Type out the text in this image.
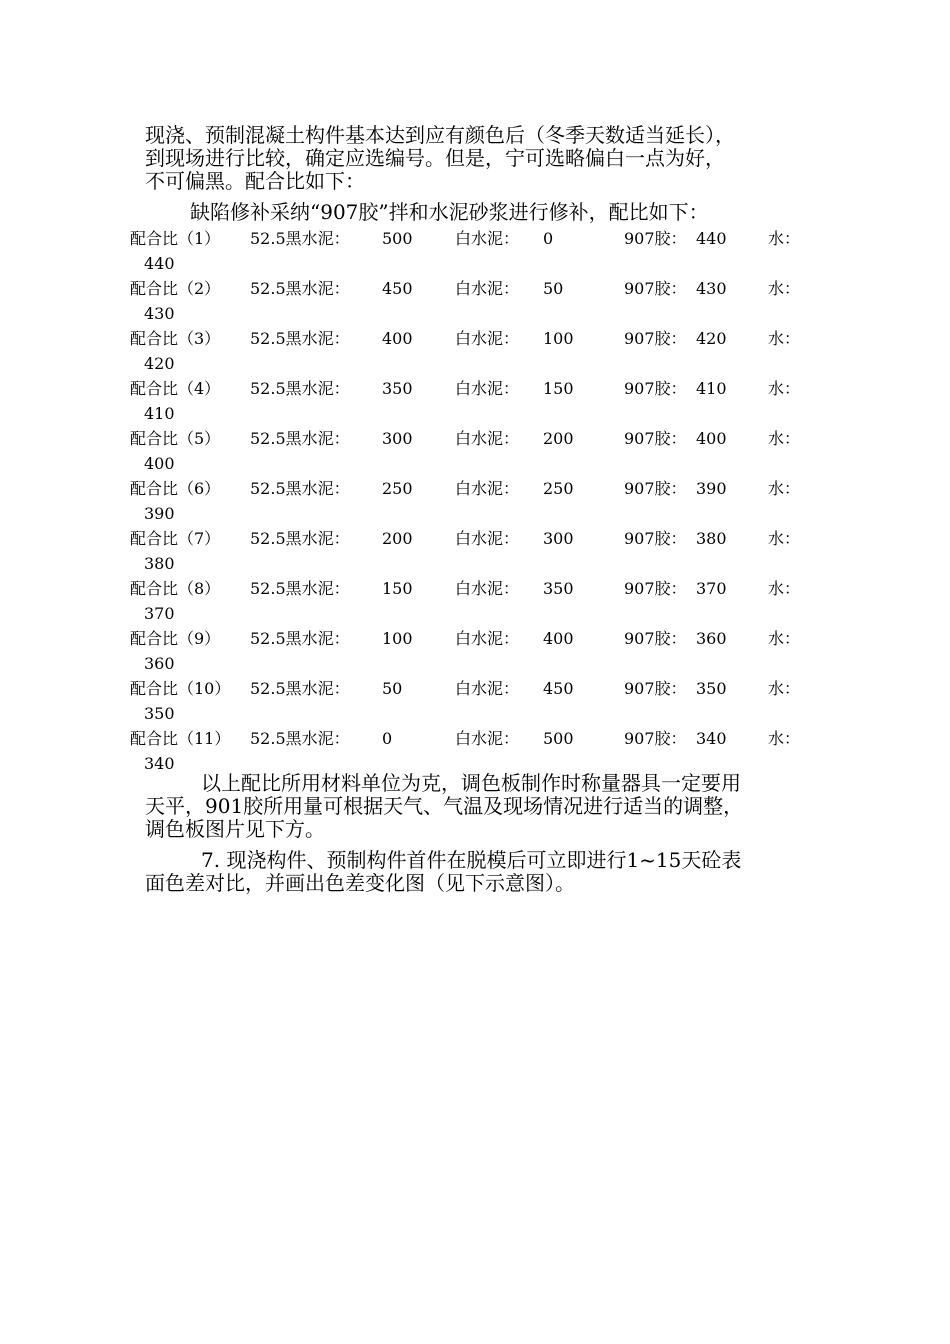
现浇、预制混凝土构件基本达到应有颜色后（冬季天数适当延长），
到现场进行比较，确定应选编号。但是，宁可选略偏白一点为好，
不可偏黑。配合比如下：

缺陷修补采纳“907胶”拌和水泥砂浆进行修补，配比如下：

配合比（1） 52.5黑水泥： 500	白水泥： 0	907胶： 440	水：
440
配合比（2） 52.5黑水泥： 450	白水泥： 50	907胶： 430	水：
430
配合比（3） 52.5黑水泥： 400	白水泥： 100	907胶： 420	水：
420
配合比（4） 52.5黑水泥： 350	白水泥： 150	907胶： 410	水：
410
配合比（5） 52.5黑水泥： 300	白水泥： 200	907胶： 400	水：
400
配合比（6） 52.5黑水泥： 250	白水泥： 250	907胶： 390	水：
390
配合比（7） 52.5黑水泥： 200	白水泥： 300	907胶： 380	水：
380
配合比（8） 52.5黑水泥： 150	白水泥： 350	907胶： 370	水：
370
配合比（9） 52.5黑水泥： 100	白水泥： 400	907胶： 360	水：
360
配合比（10） 52.5黑水泥： 50	白水泥： 450	907胶： 350	水：
350
配合比（11） 52.5黑水泥： 0	白水泥： 500	907胶： 340	水：
340

以上配比所用材料单位为克，调色板制作时称量器具一定要用
天平，901胶所用量可根据天气、气温及现场情况进行适当的调整，
调色板图片见下方。

7. 现浇构件、预制构件首件在脱模后可立即进行1~15天砼表
面色差对比，并画出色差变化图（见下示意图）。
